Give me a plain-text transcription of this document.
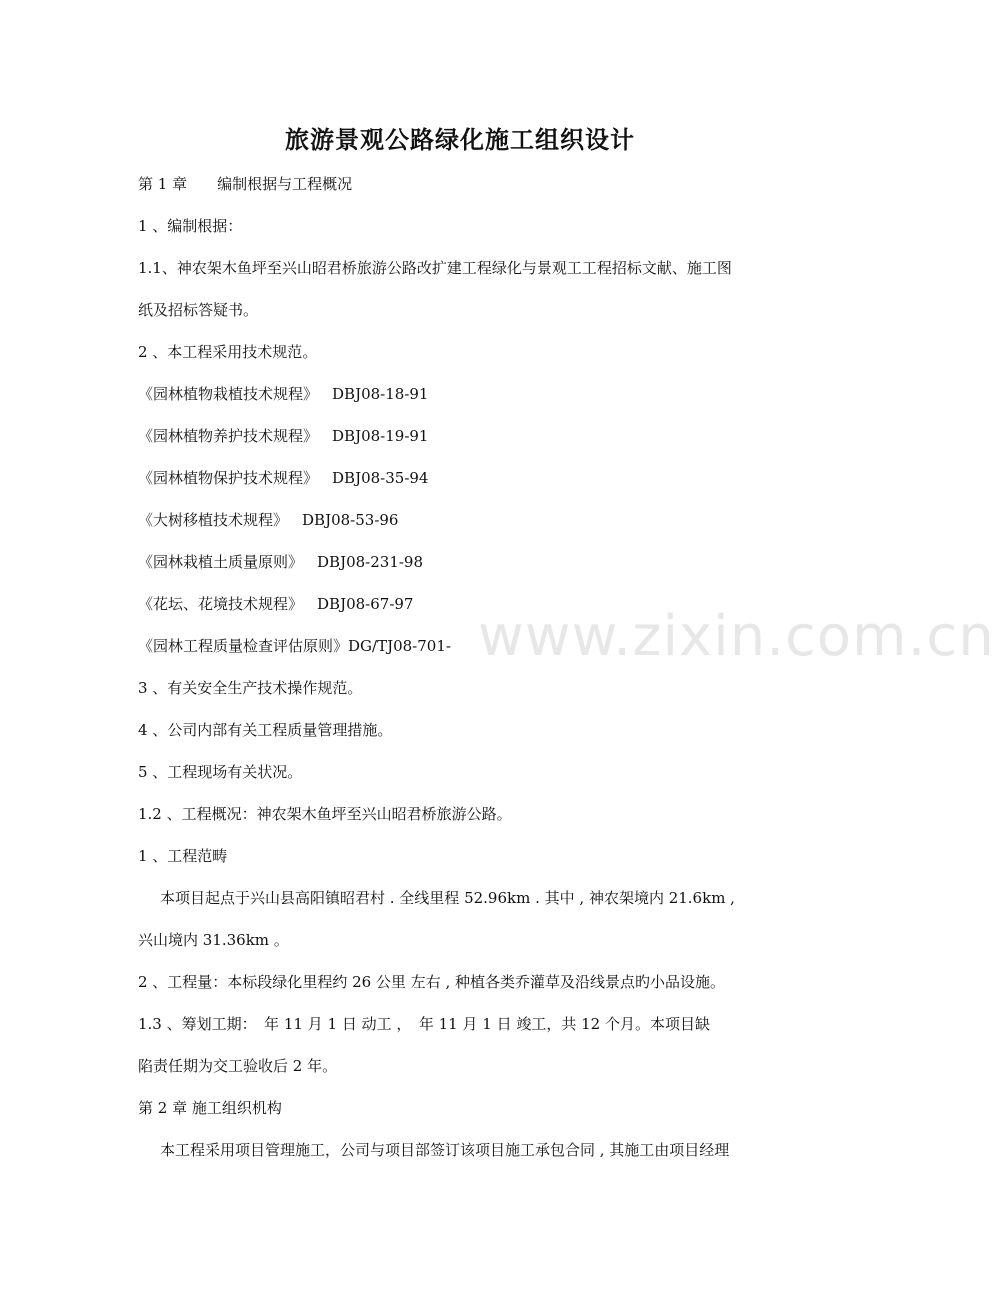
旅游景观公路绿化施工组织设计
第 1 章　　编制根据与工程概况
1 、编制根据：
1.1、神农架木鱼坪至兴山昭君桥旅游公路改扩建工程绿化与景观工工程招标文献、施工图
纸及招标答疑书。
2 、本工程采用技术规范。
《园林植物栽植技术规程》 DBJ08-18-91
《园林植物养护技术规程》 DBJ08-19-91
《园林植物保护技术规程》 DBJ08-35-94
《大树移植技术规程》 DBJ08-53-96
《园林栽植土质量原则》 DBJ08-231-98
《花坛、花境技术规程》 DBJ08-67-97
《园林工程质量检查评估原则》DG/TJ08-701-
3 、有关安全生产技术操作规范。
4 、公司内部有关工程质量管理措施。
5 、工程现场有关状况。
1.2 、工程概况：神农架木鱼坪至兴山昭君桥旅游公路。
1 、工程范畴
本项目起点于兴山县高阳镇昭君村 . 全线里程 52.96km . 其中 , 神农架境内 21.6km ,
兴山境内 31.36km 。
2 、工程量：本标段绿化里程约 26 公里 左右 , 种植各类乔灌草及沿线景点旳小品设施。
1.3 、筹划工期：　年 11 月 1 日 动工 ，　年 11 月 1 日 竣工，共 12 个月。本项目缺
陷责任期为交工验收后 2 年。
第 2 章 施工组织机构
本工程采用项目管理施工，公司与项目部签订该项目施工承包合同 , 其施工由项目经理
www.zixin.com.cn
